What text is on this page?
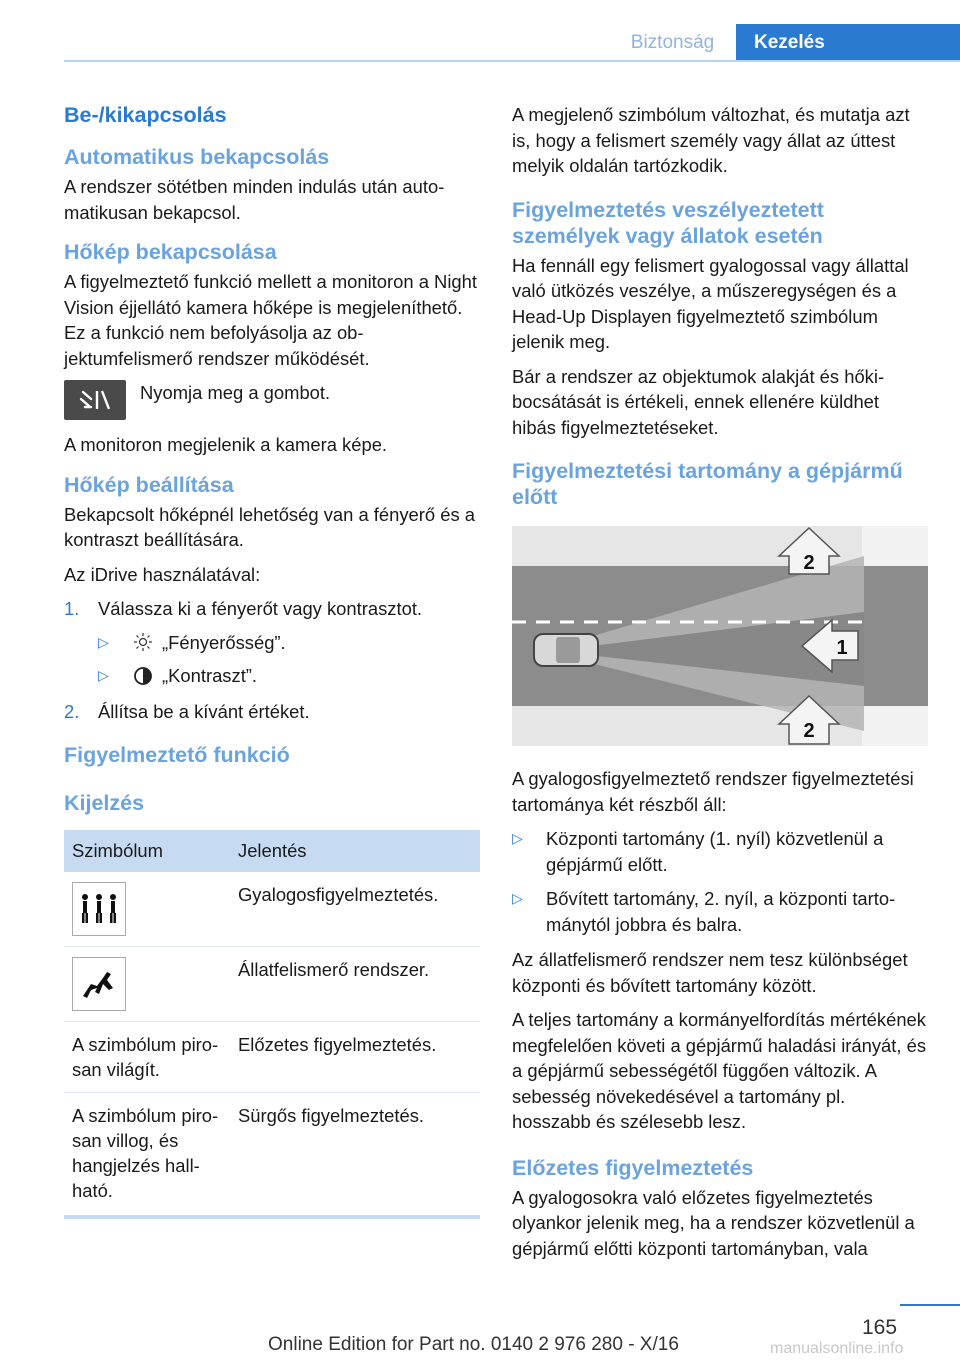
Biztonság	Kezelés
Be-/kikapcsolás
Automatikus bekapcsolás

A rendszer sötétben minden indulás után automatikusan bekapcsol.

Hőkép bekapcsolása

A figyelmeztető funkció mellett a monitoron a Night Vision éjjellátó kamera hőképe is megjeleníthető. Ez a funkció nem befolyásolja az objektumfelismerő rendszer működését.

Nyomja meg a gombot.

A monitoron megjelenik a kamera képe.

Hőkép beállítása

Bekapcsolt hőképnél lehetőség van a fényerő és a kontraszt beállítására.

Az iDrive használatával:

1. Válassza ki a fényerőt vagy kontrasztot.
▷	„Fényerősség”.
▷	„Kontraszt”.
2. Állítsa be a kívánt értéket.
Figyelmeztető funkció
Kijelzés
Szimbólum	Jelentés

	Gyalogosfigyelmeztetés.

	Állatfelismerő rendszer.
A szimbólum pirosan világít.	Előzetes figyelmeztetés.
A szimbólum pirosan villog, és hangjelzés hallható.	Sürgős figyelmeztetés.

A megjelenő szimbólum változhat, és mutatja azt is, hogy a felismert személy vagy állat az úttest melyik oldalán tartózkodik.

Figyelmeztetés veszélyeztetett személyek vagy állatok esetén

Ha fennáll egy felismert gyalogossal vagy állattal való ütközés veszélye, a műszeregységen és a Head-Up Displayen figyelmeztető szimbólum jelenik meg.

Bár a rendszer az objektumok alakját és hőkibocsátását is értékeli, ennek ellenére küldhet hibás figyelmeztetéseket.

Figyelmeztetési tartomány a gépjármű előtt
2
1
2

A gyalogosfigyelmeztető rendszer figyelmeztetési tartománya két részből áll:

▷	Központi tartomány (1. nyíl) közvetlenül a gépjármű előtt.
▷	Bővített tartomány, 2. nyíl, a központi tartománytól jobbra és balra.

Az állatfelismerő rendszer nem tesz különbséget központi és bővített tartomány között.

A teljes tartomány a kormányelfordítás mértékének megfelelően követi a gépjármű haladási irányát, és a gépjármű sebességétől függően változik. A sebesség növekedésével a tartomány pl. hosszabb és szélesebb lesz.

Előzetes figyelmeztetés

A gyalogosokra való előzetes figyelmeztetés olyankor jelenik meg, ha a rendszer közvetlenül a gépjármű előtti központi tartományban, vala

165
Online Edition for Part no. 0140 2 976 280 - X/16	manualsonline.info
